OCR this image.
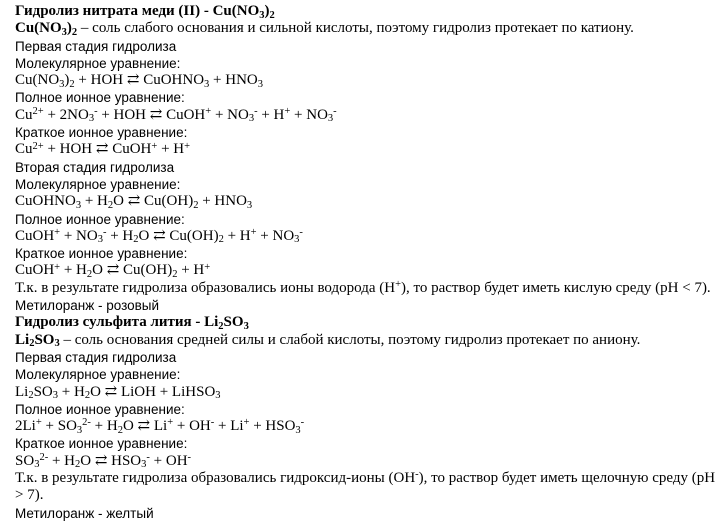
Гидролиз нитрата меди $(II) - Cu(NO_3)_2$
$Cu(NO_3)_2$ – соль слабого основания и сильной кислоты, поэтому гидролиз протекает по катиону.
Первая стадия гидролиза
Молекулярное уравнение:
$Cu(NO_3)_2$ + HOH ⇄ CuOHNO$_3$ + $HNO_3$
Полное ионное уравнение:
$Cu^{2+} + 2NO_3^-$ + HOH ⇄ CuOH+ + $NO_3^- + H^+ + NO_3^-$
Краткое ионное уравнение:
$Cu^{2+}$ + HOH ⇄ CuOH+ + H+
Вторая стадия гидролиза
Молекулярное уравнение:
CuOHNO$_3$ + $H_2O$ ⇄ $Cu(OH)_2 + HNO_3$
Полное ионное уравнение:
CuOH+ + $NO_3^- + H_2O$ ⇄ $Cu(OH)_2 + H^+ + NO_3^-$
Краткое ионное уравнение:
CuOH+ + $H_2O$ ⇄ $Cu(OH)_2 + H^+$
Т.к. в результате гидролиза образовались ионы водорода (H+), то раствор будет иметь кислую среду (pH < 7).
Метилоранж - розовый
Гидролиз сульфита лития - $Li_2SO_3$
$Li_2SO_3$ – соль основания средней силы и слабой кислоты, поэтому гидролиз протекает по аниону.
Первая стадия гидролиза
Молекулярное уравнение:
$Li_2SO_3 + H_2O$ ⇄ LiOH + LiHSO$_3$
Полное ионное уравнение:
$2Li^+ + SO_3^{2-} + H_2O$ ⇄ $Li^+ + OH^- + Li^+ + HSO_3^-$
Краткое ионное уравнение:
$SO_3^{2-} + H_2O$ ⇄ $HSO_3^- + OH^-$
Т.к. в результате гидролиза образовались гидроксид-ионы (OH-), то раствор будет иметь щелочную среду (pH
> 7).
Метилоранж - желтый
